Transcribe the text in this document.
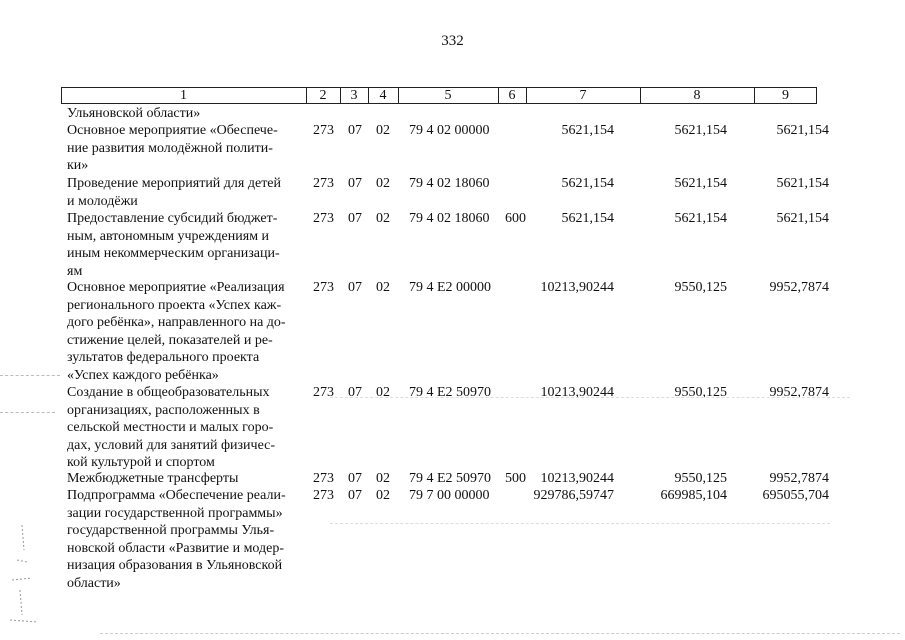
332
1	2	3	4	5	6	7	8	9
Ульяновской области»
Основное мероприятие «Обеспече-
ние развития молодёжной полити-
ки»
273 07 02 79 4 02 00000	5621,154	5621,154	5621,154
Проведение мероприятий для детей
и молодёжи
273 07 02 79 4 02 18060	5621,154	5621,154	5621,154
Предоставление субсидий бюджет-
ным, автономным учреждениям и
иным некоммерческим организаци-
ям
273 07 02 79 4 02 18060 600	5621,154	5621,154	5621,154
Основное мероприятие «Реализация
регионального проекта «Успех каж-
дого ребёнка», направленного на до-
стижение целей, показателей и ре-
зультатов федерального проекта
«Успех каждого ребёнка»
273 07 02 79 4 E2 00000	10213,90244	9550,125	9952,7874
Создание в общеобразовательных
организациях, расположенных в
сельской местности и малых горо-
дах, условий для занятий физичес-
кой культурой и спортом
273 07 02 79 4 E2 50970	10213,90244	9550,125	9952,7874
Межбюджетные трансферты	273 07 02 79 4 E2 50970 500 10213,90244	9550,125	9952,7874
Подпрограмма «Обеспечение реали-
зации государственной программы»
государственной программы Улья-
новской области «Развитие и модер-
низация образования в Ульяновской
области»
273 07 02 79 7 00 00000	929786,59747	669985,104	695055,704
